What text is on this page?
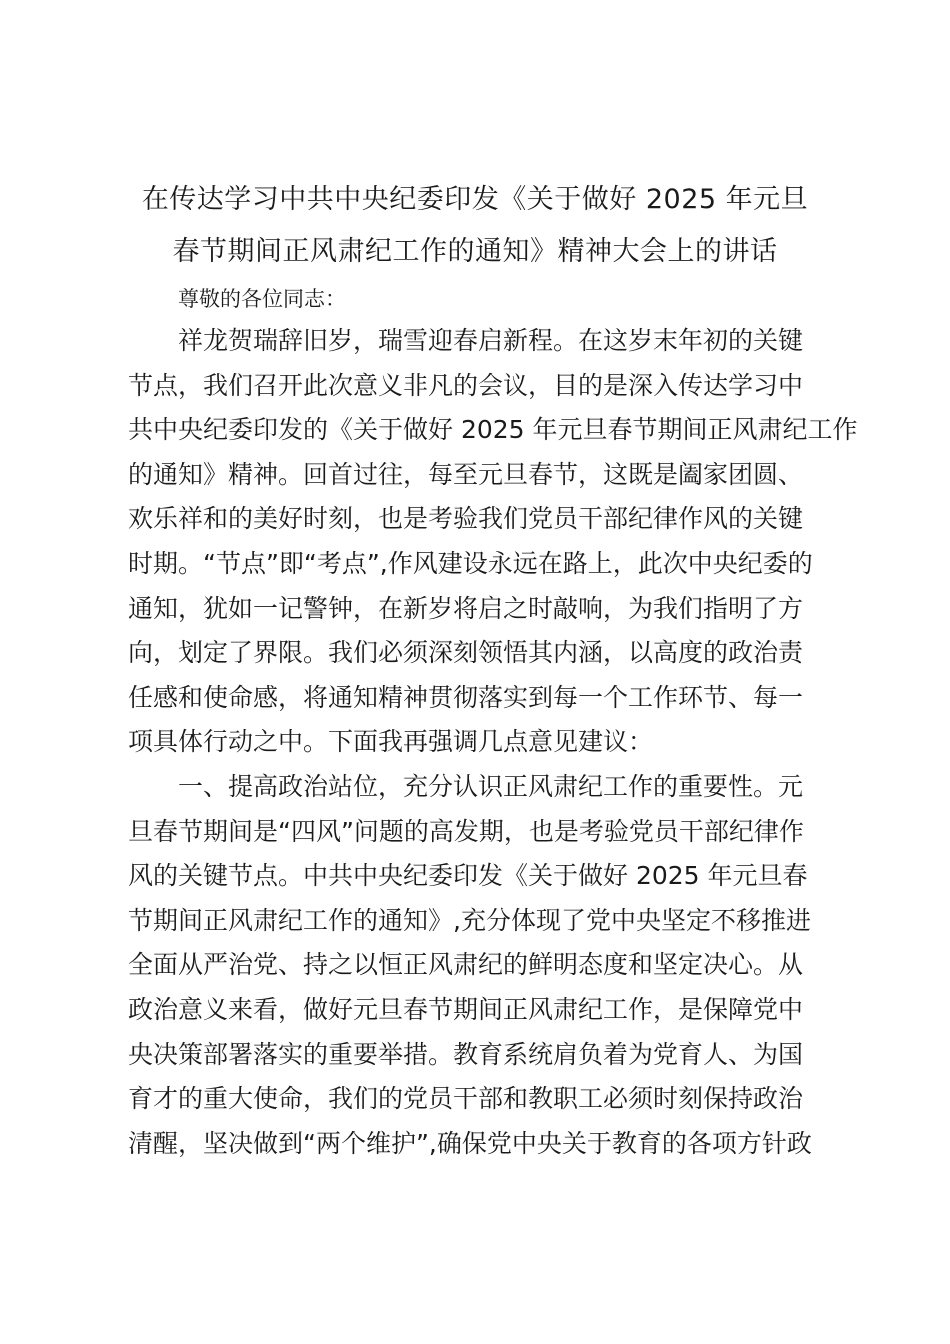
在传达学习中共中央纪委印发《关于做好 2025 年元旦
春节期间正风肃纪工作的通知》精神大会上的讲话
尊敬的各位同志：
　　祥龙贺瑞辞旧岁，瑞雪迎春启新程。在这岁末年初的关键
节点，我们召开此次意义非凡的会议，目的是深入传达学习中
共中央纪委印发的《关于做好 2025 年元旦春节期间正风肃纪工作
的通知》精神。回首过往，每至元旦春节，这既是阖家团圆、
欢乐祥和的美好时刻，也是考验我们党员干部纪律作风的关键
时期。“节点”即“考点”,作风建设永远在路上，此次中央纪委的
通知，犹如一记警钟，在新岁将启之时敲响，为我们指明了方
向，划定了界限。我们必须深刻领悟其内涵，以高度的政治责
任感和使命感，将通知精神贯彻落实到每一个工作环节、每一
项具体行动之中。下面我再强调几点意见建议：
　　一、提高政治站位，充分认识正风肃纪工作的重要性。元
旦春节期间是“四风”问题的高发期，也是考验党员干部纪律作
风的关键节点。中共中央纪委印发《关于做好 2025 年元旦春
节期间正风肃纪工作的通知》,充分体现了党中央坚定不移推进
全面从严治党、持之以恒正风肃纪的鲜明态度和坚定决心。从
政治意义来看，做好元旦春节期间正风肃纪工作，是保障党中
央决策部署落实的重要举措。教育系统肩负着为党育人、为国
育才的重大使命，我们的党员干部和教职工必须时刻保持政治
清醒，坚决做到“两个维护”,确保党中央关于教育的各项方针政
